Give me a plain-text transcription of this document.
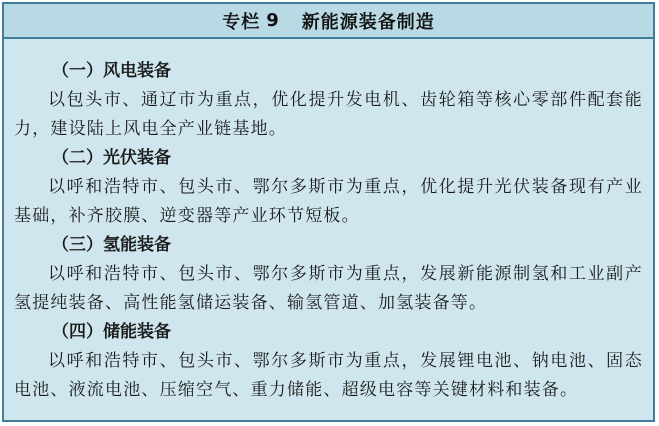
专栏 9 新能源装备制造
（一）风电装备

以包头市、通辽市为重点，优化提升发电机、齿轮箱等核心零部件配套能力，建设陆上风电全产业链基地。

（二）光伏装备

以呼和浩特市、包头市、鄂尔多斯市为重点，优化提升光伏装备现有产业基础，补齐胶膜、逆变器等产业环节短板。

（三）氢能装备

以呼和浩特市、包头市、鄂尔多斯市为重点，发展新能源制氢和工业副产氢提纯装备、高性能氢储运装备、输氢管道、加氢装备等。

（四）储能装备

以呼和浩特市、包头市、鄂尔多斯市为重点，发展锂电池、钠电池、固态电池、液流电池、压缩空气、重力储能、超级电容等关键材料和装备。
